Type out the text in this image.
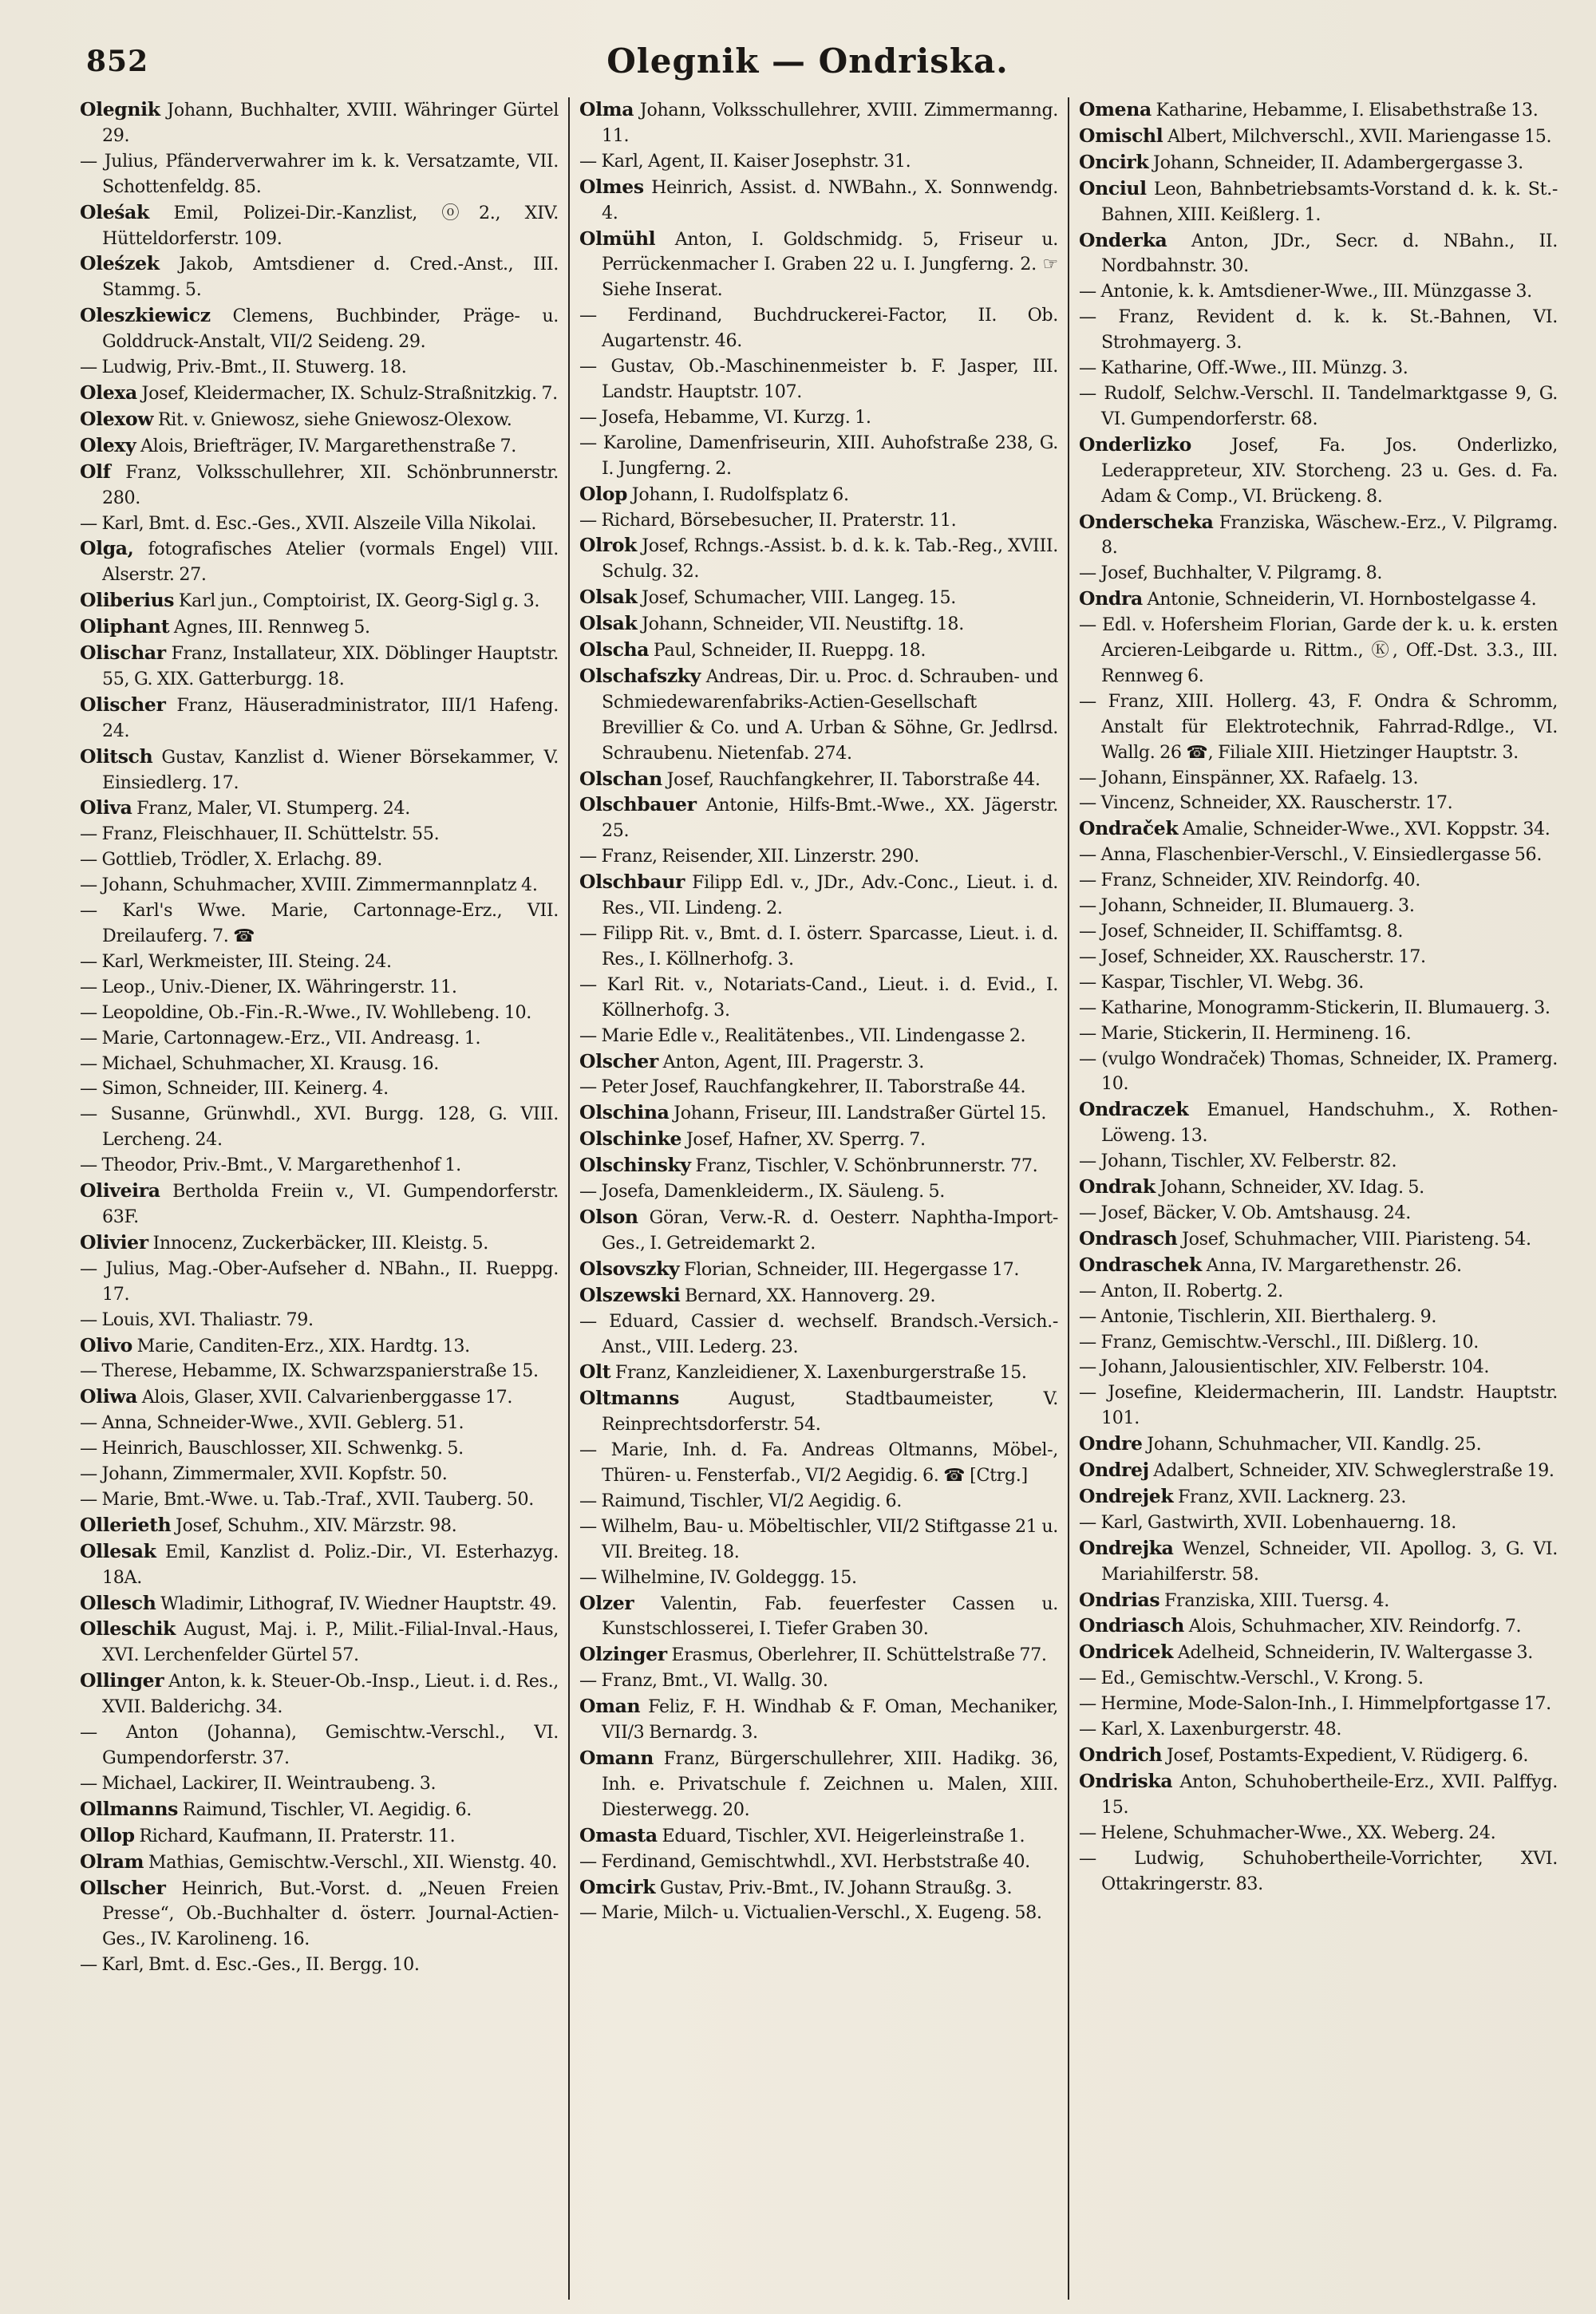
852	Olegnik — Ondriska.
Olegnik Johann, Buchhalter, XVIII. Währinger Gürtel 29.
— Julius, Pfänderverwahrer im k. k. Versatzamte, VII. Schottenfeldg. 85.
Oleśak Emil, Polizei-Dir.-Kanzlist, ⓞ2., XIV. Hütteldorferstr. 109.
Oleśzek Jakob, Amtsdiener d. Cred.-Anst., III. Stammg. 5.
Oleszkiewicz Clemens, Buchbinder, Präge- u. Golddruck-Anstalt, VII/2 Seideng. 29.
— Ludwig, Priv.-Bmt., II. Stuwerg. 18.
Olexa Josef, Kleidermacher, IX. Schulz-Straßnitzkig. 7.
Olexow Rit. v. Gniewosz, siehe Gniewosz-Olexow.
Olexy Alois, Briefträger, IV. Margarethenstraße 7.
Olf Franz, Volksschullehrer, XII. Schönbrunnerstr. 280.
— Karl, Bmt. d. Esc.-Ges., XVII. Alszeile Villa Nikolai.
Olga, fotografisches Atelier (vormals Engel) VIII. Alserstr. 27.
Oliberius Karl jun., Comptoirist, IX. Georg-Sigl g. 3.
Oliphant Agnes, III. Rennweg 5.
Olischar Franz, Installateur, XIX. Döblinger Hauptstr. 55, G. XIX. Gatterburgg. 18.
Olischer Franz, Häuseradministrator, III/1 Hafeng. 24.
Olitsch Gustav, Kanzlist d. Wiener Börsekammer, V. Einsiedlerg. 17.
Oliva Franz, Maler, VI. Stumperg. 24.
— Franz, Fleischhauer, II. Schüttelstr. 55.
— Gottlieb, Trödler, X. Erlachg. 89.
— Johann, Schuhmacher, XVIII. Zimmermannplatz 4.
— Karl's Wwe. Marie, Cartonnage-Erz., VII. Dreilauferg. 7. ☎
— Karl, Werkmeister, III. Steing. 24.
— Leop., Univ.-Diener, IX. Währingerstr. 11.
— Leopoldine, Ob.-Fin.-R.-Wwe., IV. Wohllebeng. 10.
— Marie, Cartonnagew.-Erz., VII. Andreasg. 1.
— Michael, Schuhmacher, XI. Krausg. 16.
— Simon, Schneider, III. Keinerg. 4.
— Susanne, Grünwhdl., XVI. Burgg. 128, G. VIII. Lercheng. 24.
— Theodor, Priv.-Bmt., V. Margarethenhof 1.
Oliveira Bertholda Freiin v., VI. Gumpendorferstr. 63F.
Olivier Innocenz, Zuckerbäcker, III. Kleistg. 5.
— Julius, Mag.-Ober-Aufseher d. NBahn., II. Rueppg. 17.
— Louis, XVI. Thaliastr. 79.
Olivo Marie, Canditen-Erz., XIX. Hardtg. 13.
— Therese, Hebamme, IX. Schwarzspanierstraße 15.
Oliwa Alois, Glaser, XVII. Calvarienberggasse 17.
— Anna, Schneider-Wwe., XVII. Geblerg. 51.
— Heinrich, Bauschlosser, XII. Schwenkg. 5.
— Johann, Zimmermaler, XVII. Kopfstr. 50.
— Marie, Bmt.-Wwe. u. Tab.-Traf., XVII. Tauberg. 50.
Ollerieth Josef, Schuhm., XIV. Märzstr. 98.
Ollesak Emil, Kanzlist d. Poliz.-Dir., VI. Esterhazyg. 18A.
Ollesch Wladimir, Lithograf, IV. Wiedner Hauptstr. 49.
Olleschik August, Maj. i. P., Milit.-Filial-Inval.-Haus, XVI. Lerchenfelder Gürtel 57.
Ollinger Anton, k. k. Steuer-Ob.-Insp., Lieut. i. d. Res., XVII. Balderichg. 34.
— Anton (Johanna), Gemischtw.-Verschl., VI. Gumpendorferstr. 37.
— Michael, Lackirer, II. Weintraubeng. 3.
Ollmanns Raimund, Tischler, VI. Aegidig. 6.
Ollop Richard, Kaufmann, II. Praterstr. 11.
Olram Mathias, Gemischtw.-Verschl., XII. Wienstg. 40.
Ollscher Heinrich, But.-Vorst. d. „Neuen Freien Presse“, Ob.-Buchhalter d. österr. Journal-Actien-Ges., IV. Karolineng. 16.
— Karl, Bmt. d. Esc.-Ges., II. Bergg. 10.
Olma Johann, Volksschullehrer, XVIII. Zimmermanng. 11.
— Karl, Agent, II. Kaiser Josephstr. 31.
Olmes Heinrich, Assist. d. NWBahn., X. Sonnwendg. 4.
Olmühl Anton, I. Goldschmidg. 5, Friseur u. Perrückenmacher I. Graben 22 u. I. Jungferng. 2. ☞ Siehe Inserat.
— Ferdinand, Buchdruckerei-Factor, II. Ob. Augartenstr. 46.
— Gustav, Ob.-Maschinenmeister b. F. Jasper, III. Landstr. Hauptstr. 107.
— Josefa, Hebamme, VI. Kurzg. 1.
— Karoline, Damenfriseurin, XIII. Auhofstraße 238, G. I. Jungferng. 2.
Olop Johann, I. Rudolfsplatz 6.
— Richard, Börsebesucher, II. Praterstr. 11.
Olrok Josef, Rchngs.-Assist. b. d. k. k. Tab.-Reg., XVIII. Schulg. 32.
Olsak Josef, Schumacher, VIII. Langeg. 15.
Olsak Johann, Schneider, VII. Neustiftg. 18.
Olscha Paul, Schneider, II. Rueppg. 18.
Olschafszky Andreas, Dir. u. Proc. d. Schrauben- und Schmiedewarenfabriks-Actien-Gesellschaft Brevillier & Co. und A. Urban & Söhne, Gr. Jedlrsd. Schraubenu. Nietenfab. 274.
Olschan Josef, Rauchfangkehrer, II. Taborstraße 44.
Olschbauer Antonie, Hilfs-Bmt.-Wwe., XX. Jägerstr. 25.
— Franz, Reisender, XII. Linzerstr. 290.
Olschbaur Filipp Edl. v., JDr., Adv.-Conc., Lieut. i. d. Res., VII. Lindeng. 2.
— Filipp Rit. v., Bmt. d. I. österr. Sparcasse, Lieut. i. d. Res., I. Köllnerhofg. 3.
— Karl Rit. v., Notariats-Cand., Lieut. i. d. Evid., I. Köllnerhofg. 3.
— Marie Edle v., Realitätenbes., VII. Lindengasse 2.
Olscher Anton, Agent, III. Pragerstr. 3.
— Peter Josef, Rauchfangkehrer, II. Taborstraße 44.
Olschina Johann, Friseur, III. Landstraßer Gürtel 15.
Olschinke Josef, Hafner, XV. Sperrg. 7.
Olschinsky Franz, Tischler, V. Schönbrunnerstr. 77.
— Josefa, Damenkleiderm., IX. Säuleng. 5.
Olson Göran, Verw.-R. d. Oesterr. Naphtha-Import-Ges., I. Getreidemarkt 2.
Olsovszky Florian, Schneider, III. Hegergasse 17.
Olszewski Bernard, XX. Hannoverg. 29.
— Eduard, Cassier d. wechself. Brandsch.-Versich.-Anst., VIII. Lederg. 23.
Olt Franz, Kanzleidiener, X. Laxenburgerstraße 15.
Oltmanns August, Stadtbaumeister, V. Reinprechtsdorferstr. 54.
— Marie, Inh. d. Fa. Andreas Oltmanns, Möbel-, Thüren- u. Fensterfab., VI/2 Aegidig. 6. ☎ [Ctrg.]
— Raimund, Tischler, VI/2 Aegidig. 6.
— Wilhelm, Bau- u. Möbeltischler, VII/2 Stiftgasse 21 u. VII. Breiteg. 18.
— Wilhelmine, IV. Goldeggg. 15.
Olzer Valentin, Fab. feuerfester Cassen u. Kunstschlosserei, I. Tiefer Graben 30.
Olzinger Erasmus, Oberlehrer, II. Schüttelstraße 77.
— Franz, Bmt., VI. Wallg. 30.
Oman Feliz, F. H. Windhab & F. Oman, Mechaniker, VII/3 Bernardg. 3.
Omann Franz, Bürgerschullehrer, XIII. Hadikg. 36, Inh. e. Privatschule f. Zeichnen u. Malen, XIII. Diesterwegg. 20.
Omasta Eduard, Tischler, XVI. Heigerleinstraße 1.
— Ferdinand, Gemischtwhdl., XVI. Herbststraße 40.
Omcirk Gustav, Priv.-Bmt., IV. Johann Straußg. 3.
— Marie, Milch- u. Victualien-Verschl., X. Eugeng. 58.
Omena Katharine, Hebamme, I. Elisabethstraße 13.
Omischl Albert, Milchverschl., XVII. Mariengasse 15.
Oncirk Johann, Schneider, II. Adambergergasse 3.
Onciul Leon, Bahnbetriebsamts-Vorstand d. k. k. St.-Bahnen, XIII. Keißlerg. 1.
Onderka Anton, JDr., Secr. d. NBahn., II. Nordbahnstr. 30.
— Antonie, k. k. Amtsdiener-Wwe., III. Münzgasse 3.
— Franz, Revident d. k. k. St.-Bahnen, VI. Strohmayerg. 3.
— Katharine, Off.-Wwe., III. Münzg. 3.
— Rudolf, Selchw.-Verschl. II. Tandelmarktgasse 9, G. VI. Gumpendorferstr. 68.
Onderlizko Josef, Fa. Jos. Onderlizko, Lederappreteur, XIV. Storcheng. 23 u. Ges. d. Fa. Adam & Comp., VI. Brückeng. 8.
Onderscheka Franziska, Wäschew.-Erz., V. Pilgramg. 8.
— Josef, Buchhalter, V. Pilgramg. 8.
Ondra Antonie, Schneiderin, VI. Hornbostelgasse 4.
— Edl. v. Hofersheim Florian, Garde der k. u. k. ersten Arcieren-Leibgarde u. Rittm., Ⓚ, Off.-Dst. 3.3., III. Rennweg 6.
— Franz, XIII. Hollerg. 43, F. Ondra & Schromm, Anstalt für Elektrotechnik, Fahrrad-Rdlge., VI. Wallg. 26 ☎, Filiale XIII. Hietzinger Hauptstr. 3.
— Johann, Einspänner, XX. Rafaelg. 13.
— Vincenz, Schneider, XX. Rauscherstr. 17.
Ondraček Amalie, Schneider-Wwe., XVI. Koppstr. 34.
— Anna, Flaschenbier-Verschl., V. Einsiedlergasse 56.
— Franz, Schneider, XIV. Reindorfg. 40.
— Johann, Schneider, II. Blumauerg. 3.
— Josef, Schneider, II. Schiffamtsg. 8.
— Josef, Schneider, XX. Rauscherstr. 17.
— Kaspar, Tischler, VI. Webg. 36.
— Katharine, Monogramm-Stickerin, II. Blumauerg. 3.
— Marie, Stickerin, II. Hermineng. 16.
— (vulgo Wondraček) Thomas, Schneider, IX. Pramerg. 10.
Ondraczek Emanuel, Handschuhm., X. Rothen-Löweng. 13.
— Johann, Tischler, XV. Felberstr. 82.
Ondrak Johann, Schneider, XV. Idag. 5.
— Josef, Bäcker, V. Ob. Amtshausg. 24.
Ondrasch Josef, Schuhmacher, VIII. Piaristeng. 54.
Ondraschek Anna, IV. Margarethenstr. 26.
— Anton, II. Robertg. 2.
— Antonie, Tischlerin, XII. Bierthalerg. 9.
— Franz, Gemischtw.-Verschl., III. Dißlerg. 10.
— Johann, Jalousientischler, XIV. Felberstr. 104.
— Josefine, Kleidermacherin, III. Landstr. Hauptstr. 101.
Ondre Johann, Schuhmacher, VII. Kandlg. 25.
Ondrej Adalbert, Schneider, XIV. Schweglerstraße 19.
Ondrejek Franz, XVII. Lacknerg. 23.
— Karl, Gastwirth, XVII. Lobenhauerng. 18.
Ondrejka Wenzel, Schneider, VII. Apollog. 3, G. VI. Mariahilferstr. 58.
Ondrias Franziska, XIII. Tuersg. 4.
Ondriasch Alois, Schuhmacher, XIV. Reindorfg. 7.
Ondricek Adelheid, Schneiderin, IV. Waltergasse 3.
— Ed., Gemischtw.-Verschl., V. Krong. 5.
— Hermine, Mode-Salon-Inh., I. Himmelpfortgasse 17.
— Karl, X. Laxenburgerstr. 48.
Ondrich Josef, Postamts-Expedient, V. Rüdigerg. 6.
Ondriska Anton, Schuhoberthеile-Erz., XVII. Palffyg. 15.
— Helene, Schuhmacher-Wwe., XX. Weberg. 24.
— Ludwig, Schuhobertheile-Vorrichter, XVI. Ottakringerstr. 83.
